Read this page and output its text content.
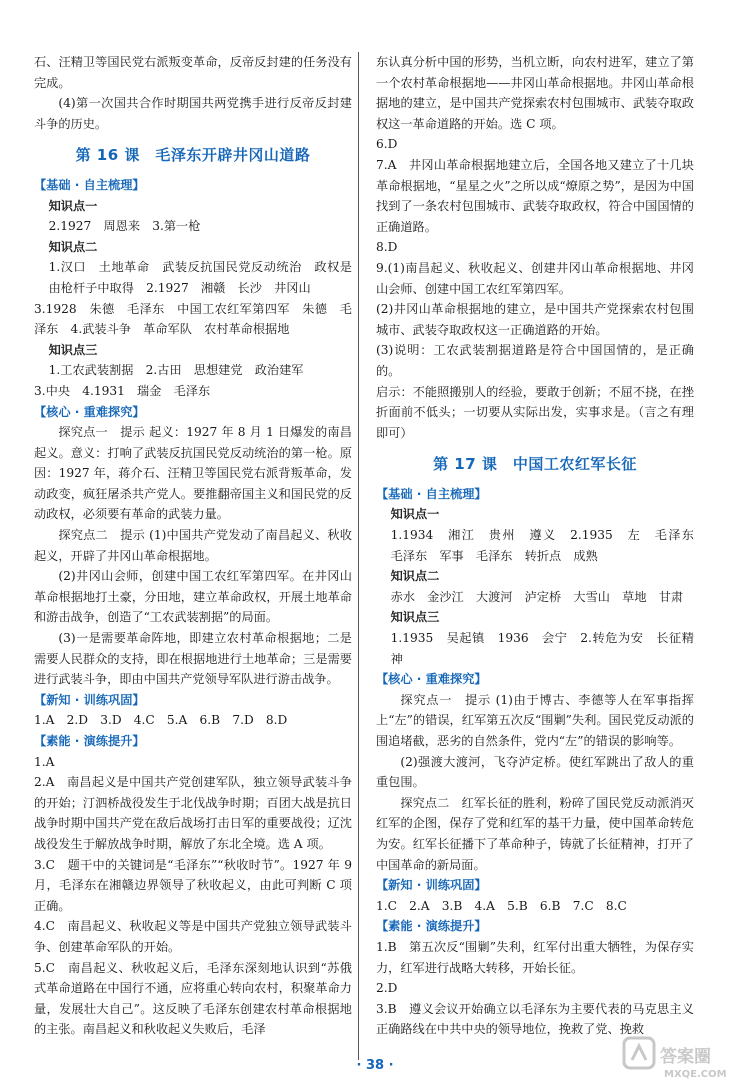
石、汪精卫等国民党右派叛变革命，反帝反封建的任务没有完成。

(4)第一次国共合作时期国共两党携手进行反帝反封建斗争的历史。

第 16 课　毛泽东开辟井冈山道路

【基础 · 自主梳理】

知识点一

2.1927　周恩来　3.第一枪

知识点二

1.汉口　土地革命　武装反抗国民党反动统治　政权是由枪杆子中取得　2.1927　湘赣　长沙　井冈山

3.1928　朱德　毛泽东　中国工农红军第四军　朱德　毛泽东　4.武装斗争　革命军队　农村革命根据地

知识点三

1.工农武装割据　2.古田　思想建党　政治建军

3.中央　4.1931　瑞金　毛泽东

【核心 · 重难探究】

探究点一　提示 起义：1927 年 8 月 1 日爆发的南昌起义。意义：打响了武装反抗国民党反动统治的第一枪。原因：1927 年，蒋介石、汪精卫等国民党右派背叛革命，发动政变，疯狂屠杀共产党人。要推翻帝国主义和国民党的反动政权，必须要有革命的武装力量。

探究点二　提示 (1)中国共产党发动了南昌起义、秋收起义，开辟了井冈山革命根据地。

(2)井冈山会师，创建中国工农红军第四军。在井冈山革命根据地打土豪，分田地，建立革命政权，开展土地革命和游击战争，创造了“工农武装割据”的局面。

(3)一是需要革命阵地，即建立农村革命根据地；二是需要人民群众的支持，即在根据地进行土地革命；三是需要进行武装斗争，即由中国共产党领导军队进行游击战争。

【新知 · 训练巩固】

1.A　2.D　3.D　4.C　5.A　6.B　7.D　8.D

【素能 · 演练提升】

1.A

2.A　南昌起义是中国共产党创建军队，独立领导武装斗争的开始；汀泗桥战役发生于北伐战争时期；百团大战是抗日战争时期中国共产党在敌后战场打击日军的重要战役；辽沈战役发生于解放战争时期，解放了东北全境。选 A 项。

3.C　题干中的关键词是“毛泽东”“秋收时节”。1927 年 9 月，毛泽东在湘赣边界领导了秋收起义，由此可判断 C 项正确。

4.C　南昌起义、秋收起义等是中国共产党独立领导武装斗争、创建革命军队的开始。

5.C　南昌起义、秋收起义后，毛泽东深刻地认识到“苏俄式革命道路在中国行不通，应将重心转向农村，积聚革命力量，发展壮大自己”。这反映了毛泽东创建农村革命根据地的主张。南昌起义和秋收起义失败后，毛泽

东认真分析中国的形势，当机立断，向农村进军，建立了第一个农村革命根据地——井冈山革命根据地。井冈山革命根据地的建立，是中国共产党探索农村包围城市、武装夺取政权这一革命道路的开始。选 C 项。

6.D

7.A　井冈山革命根据地建立后，全国各地又建立了十几块革命根据地，“星星之火”之所以成“燎原之势”，是因为中国找到了一条农村包围城市、武装夺取政权，符合中国国情的正确道路。

8.D

9.(1)南昌起义、秋收起义、创建井冈山革命根据地、井冈山会师、创建中国工农红军第四军。

(2)井冈山革命根据地的建立，是中国共产党探索农村包围城市、武装夺取政权这一正确道路的开始。

(3)说明：工农武装割据道路是符合中国国情的，是正确的。

启示：不能照搬别人的经验，要敢于创新；不屈不挠，在挫折面前不低头；一切要从实际出发，实事求是。（言之有理即可）

第 17 课　中国工农红军长征

【基础 · 自主梳理】

知识点一

1.1934　湘江　贵州　遵义　2.1935　左　毛泽东　毛泽东　军事　毛泽东　转折点　成熟

知识点二

赤水　金沙江　大渡河　泸定桥　大雪山　草地　甘肃

知识点三

1.1935　吴起镇　1936　会宁　2.转危为安　长征精神

【核心 · 重难探究】

探究点一　提示 (1)由于博古、李德等人在军事指挥上“左”的错误，红军第五次反“围剿”失利。国民党反动派的围追堵截，恶劣的自然条件，党内“左”的错误的影响等。

(2)强渡大渡河，飞夺泸定桥。使红军跳出了敌人的重重包围。

探究点二　红军长征的胜利，粉碎了国民党反动派消灭红军的企图，保存了党和红军的基干力量，使中国革命转危为安。红军长征播下了革命种子，铸就了长征精神，打开了中国革命的新局面。

【新知 · 训练巩固】

1.C　2.A　3.B　4.A　5.B　6.B　7.C　8.C

【素能 · 演练提升】

1.B　第五次反“围剿”失利，红军付出重大牺牲，为保存实力，红军进行战略大转移，开始长征。

2.D

3.B　遵义会议开始确立以毛泽东为主要代表的马克思主义正确路线在中共中央的领导地位，挽救了党、挽救

· 38 ·	答案圈
MXQE.COM
